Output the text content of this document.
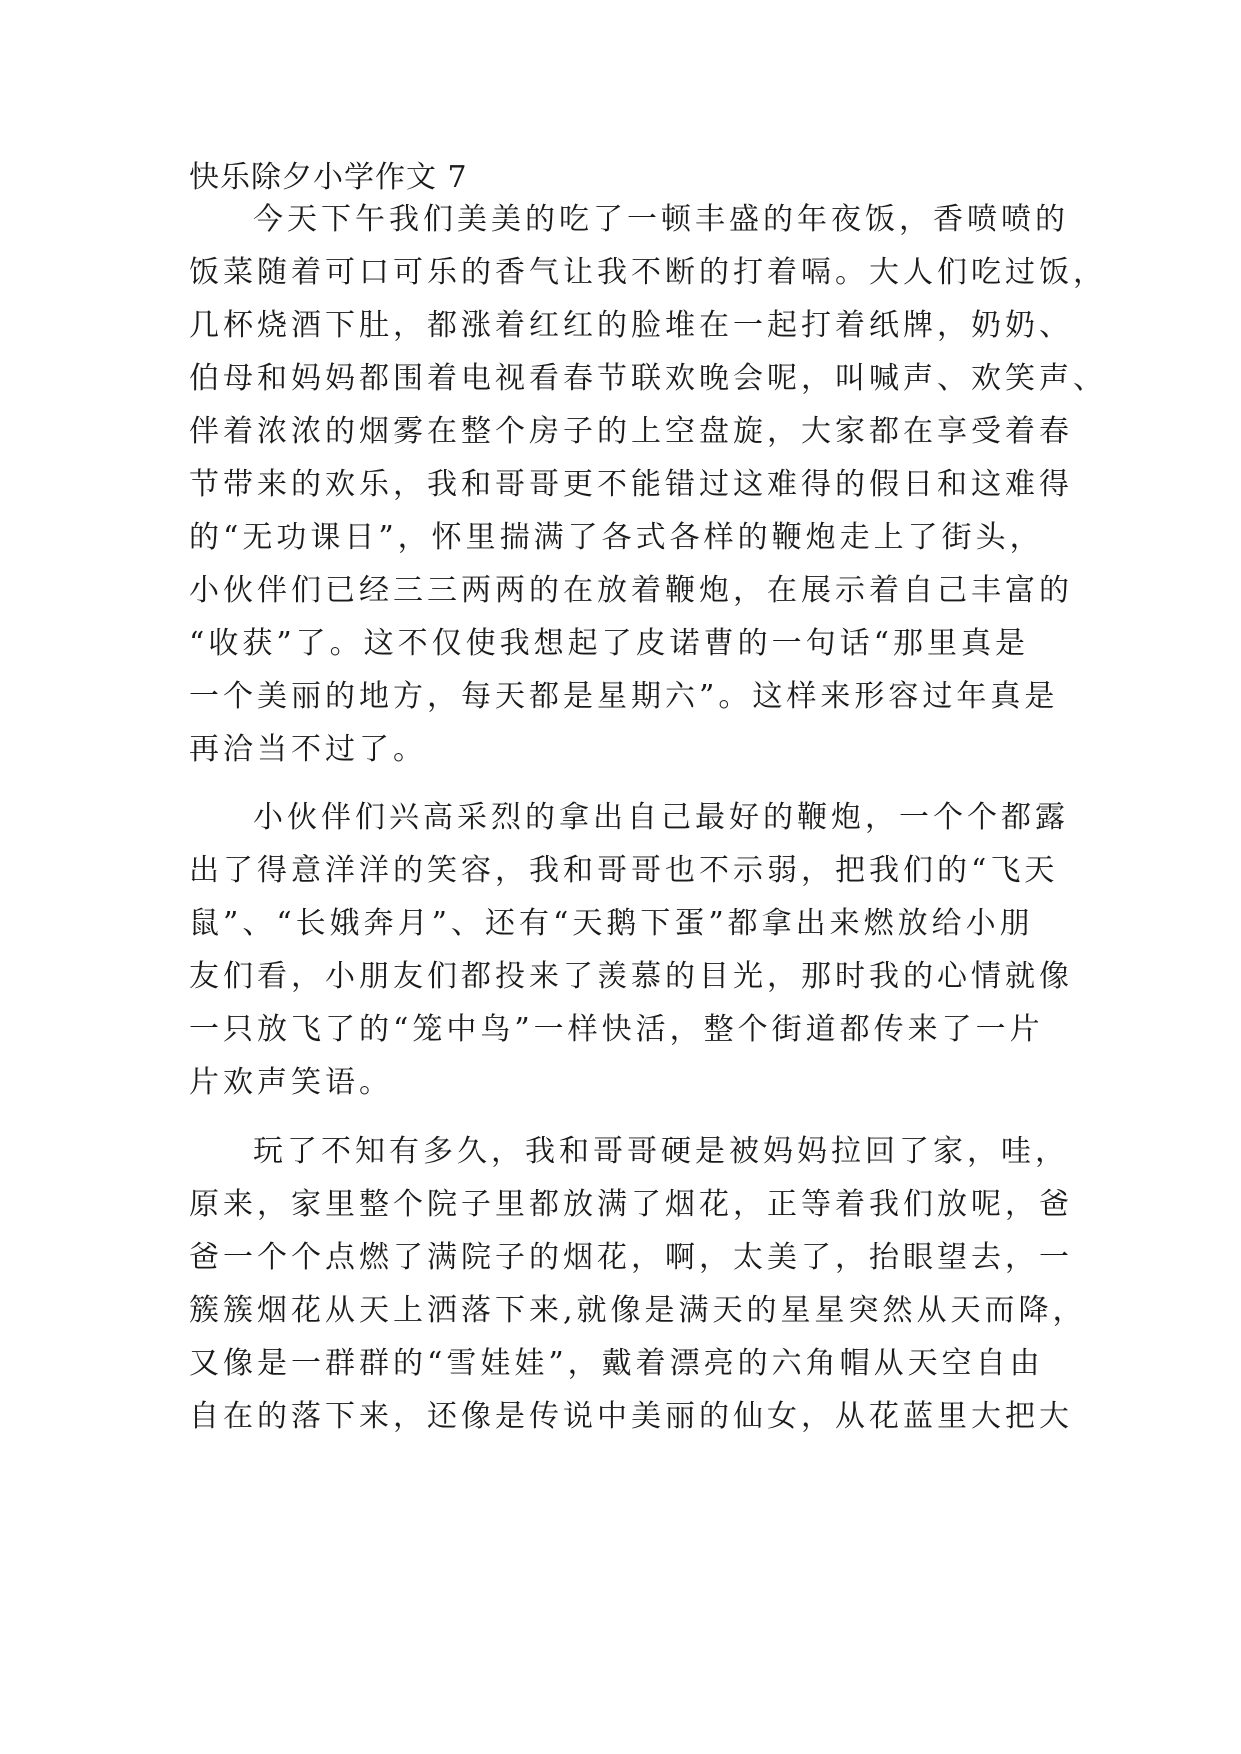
快乐除夕小学作文 7
今天下午我们美美的吃了一顿丰盛的年夜饭，香喷喷的
饭菜随着可口可乐的香气让我不断的打着嗝。大人们吃过饭，
几杯烧酒下肚，都涨着红红的脸堆在一起打着纸牌，奶奶、
伯母和妈妈都围着电视看春节联欢晚会呢，叫喊声、欢笑声、
伴着浓浓的烟雾在整个房子的上空盘旋，大家都在享受着春
节带来的欢乐，我和哥哥更不能错过这难得的假日和这难得
的“无功课日”，怀里揣满了各式各样的鞭炮走上了街头，
小伙伴们已经三三两两的在放着鞭炮，在展示着自己丰富的
“收获”了。这不仅使我想起了皮诺曹的一句话“那里真是
一个美丽的地方，每天都是星期六”。这样来形容过年真是
再洽当不过了。
小伙伴们兴高采烈的拿出自己最好的鞭炮，一个个都露
出了得意洋洋的笑容，我和哥哥也不示弱，把我们的“飞天
鼠”、“长娥奔月”、还有“天鹅下蛋”都拿出来燃放给小朋
友们看，小朋友们都投来了羡慕的目光，那时我的心情就像
一只放飞了的“笼中鸟”一样快活，整个街道都传来了一片
片欢声笑语。
玩了不知有多久，我和哥哥硬是被妈妈拉回了家，哇，
原来，家里整个院子里都放满了烟花，正等着我们放呢，爸
爸一个个点燃了满院子的烟花，啊，太美了，抬眼望去，一
簇簇烟花从天上洒落下来,就像是满天的星星突然从天而降，
又像是一群群的“雪娃娃”，戴着漂亮的六角帽从天空自由
自在的落下来，还像是传说中美丽的仙女，从花蓝里大把大
